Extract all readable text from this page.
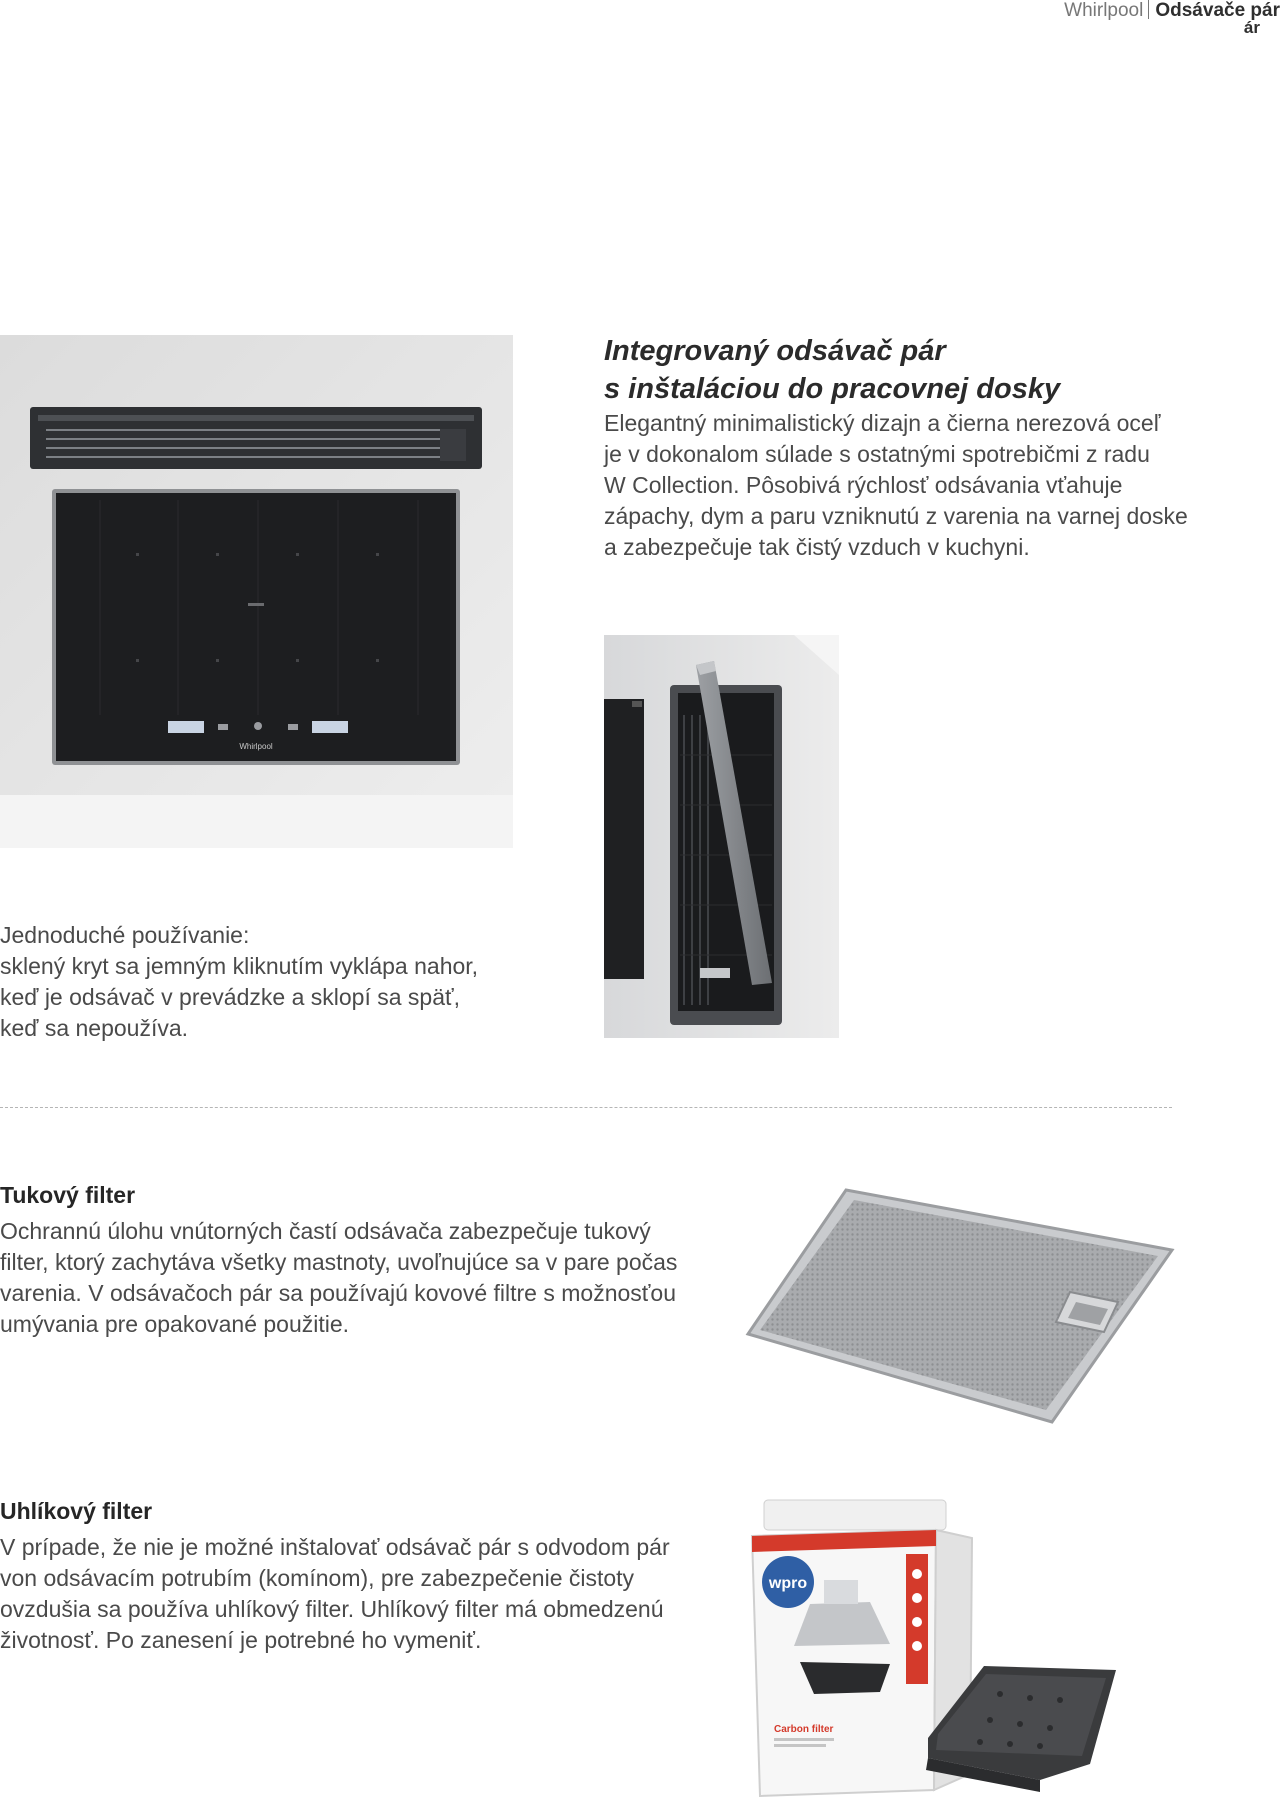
Whirlpool Odsávače pár
ár
Whirlpool
Integrovaný odsávač pár
s inštaláciou do pracovnej dosky

Elegantný minimalistický dizajn a čierna nerezová oceľ
je v dokonalom súlade s ostatnými spotrebičmi z radu
W Collection. Pôsobivá rýchlosť odsávania vťahuje
zápachy, dym a paru vzniknutú z varenia na varnej doske
a zabezpečuje tak čistý vzduch v kuchyni.

Jednoduché používanie:
sklený kryt sa jemným kliknutím vyklápa nahor,
keď je odsávač v prevádzke a sklopí sa späť,
keď sa nepoužíva.

Tukový filter

Ochrannú úlohu vnútorných častí odsávača zabezpečuje tukový
filter, ktorý zachytáva všetky mastnoty, uvoľnujúce sa v pare počas
varenia. V odsávačoch pár sa používajú kovové filtre s možnosťou
umývania pre opakované použitie.

Uhlíkový filter

V prípade, že nie je možné inštalovať odsávač pár s odvodom pár
von odsávacím potrubím (komínom), pre zabezpečenie čistoty
ovzdušia sa používa uhlíkový filter. Uhlíkový filter má obmedzenú
životnosť. Po zanesení je potrebné ho vymeniť.

wpro
Carbon filter
